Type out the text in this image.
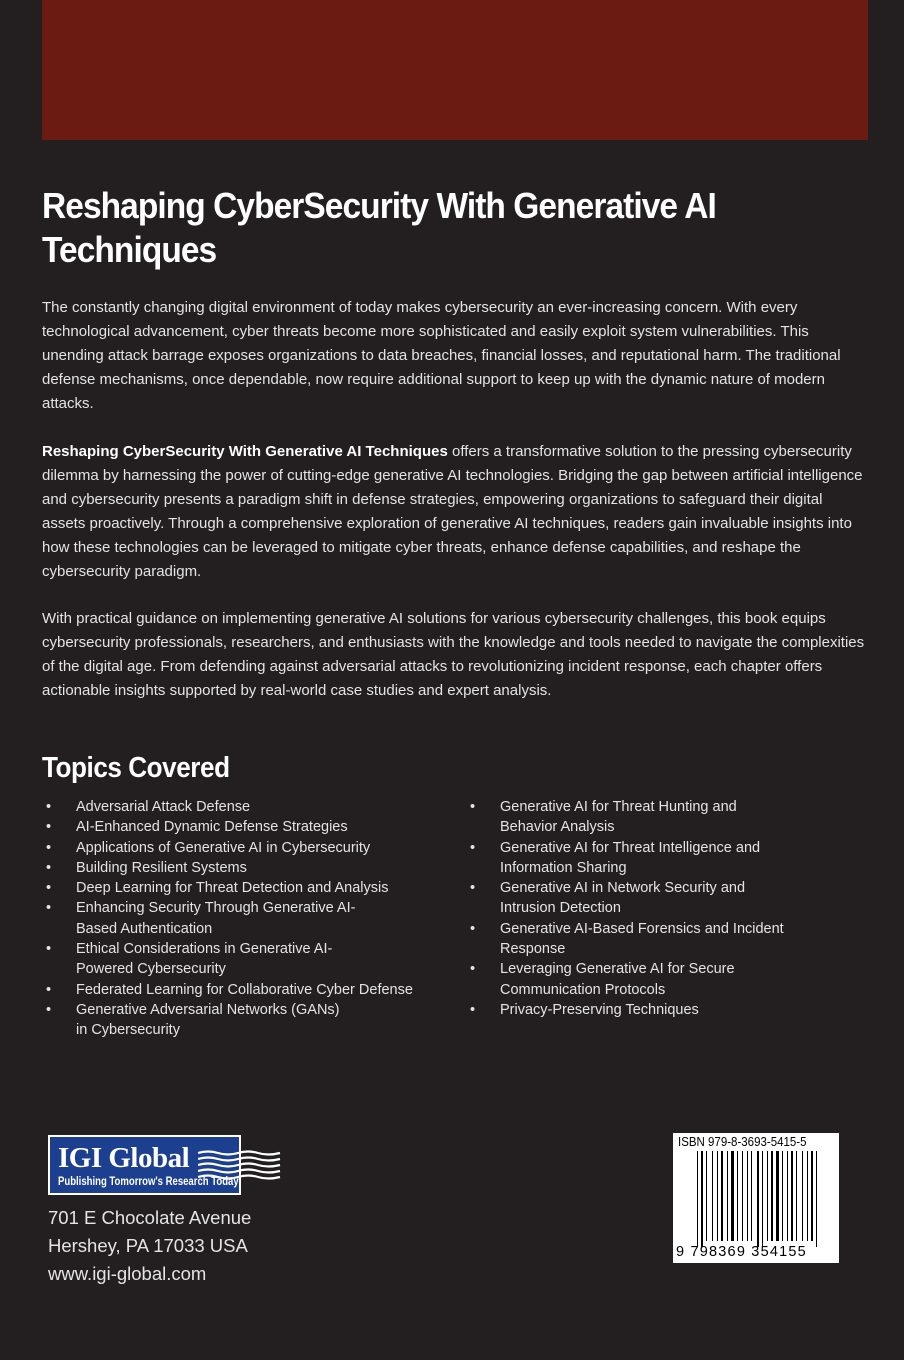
Reshaping CyberSecurity With Generative AI Techniques

The constantly changing digital environment of today makes cybersecurity an ever-increasing concern. With every technological advancement, cyber threats become more sophisticated and easily exploit system vulnerabilities. This unending attack barrage exposes organizations to data breaches, financial losses, and reputational harm. The traditional defense mechanisms, once dependable, now require additional support to keep up with the dynamic nature of modern attacks.

Reshaping CyberSecurity With Generative AI Techniques offers a transformative solution to the pressing cybersecurity dilemma by harnessing the power of cutting-edge generative AI technologies. Bridging the gap between artificial intelligence and cybersecurity presents a paradigm shift in defense strategies, empowering organizations to safeguard their digital assets proactively. Through a comprehensive exploration of generative AI techniques, readers gain invaluable insights into how these technologies can be leveraged to mitigate cyber threats, enhance defense capabilities, and reshape the cybersecurity paradigm.

With practical guidance on implementing generative AI solutions for various cybersecurity challenges, this book equips cybersecurity professionals, researchers, and enthusiasts with the knowledge and tools needed to navigate the complexities of the digital age. From defending against adversarial attacks to revolutionizing incident response, each chapter offers actionable insights supported by real-world case studies and expert analysis.

Topics Covered
• Adversarial Attack Defense
• AI-Enhanced Dynamic Defense Strategies
• Applications of Generative AI in Cybersecurity
• Building Resilient Systems
• Deep Learning for Threat Detection and Analysis
• Enhancing Security Through Generative AI-Based Authentication
• Ethical Considerations in Generative AI-Powered Cybersecurity
• Federated Learning for Collaborative Cyber Defense
• Generative Adversarial Networks (GANs) in Cybersecurity
• Generative AI for Threat Hunting and Behavior Analysis
• Generative AI for Threat Intelligence and Information Sharing
• Generative AI in Network Security and Intrusion Detection
• Generative AI-Based Forensics and Incident Response
• Leveraging Generative AI for Secure Communication Protocols
• Privacy-Preserving Techniques
IGI Global
Publishing Tomorrow's Research Today
701 E Chocolate Avenue
Hershey, PA 17033 USA
www.igi-global.com
ISBN 979-8-3693-5415-5
9 798369 354155
